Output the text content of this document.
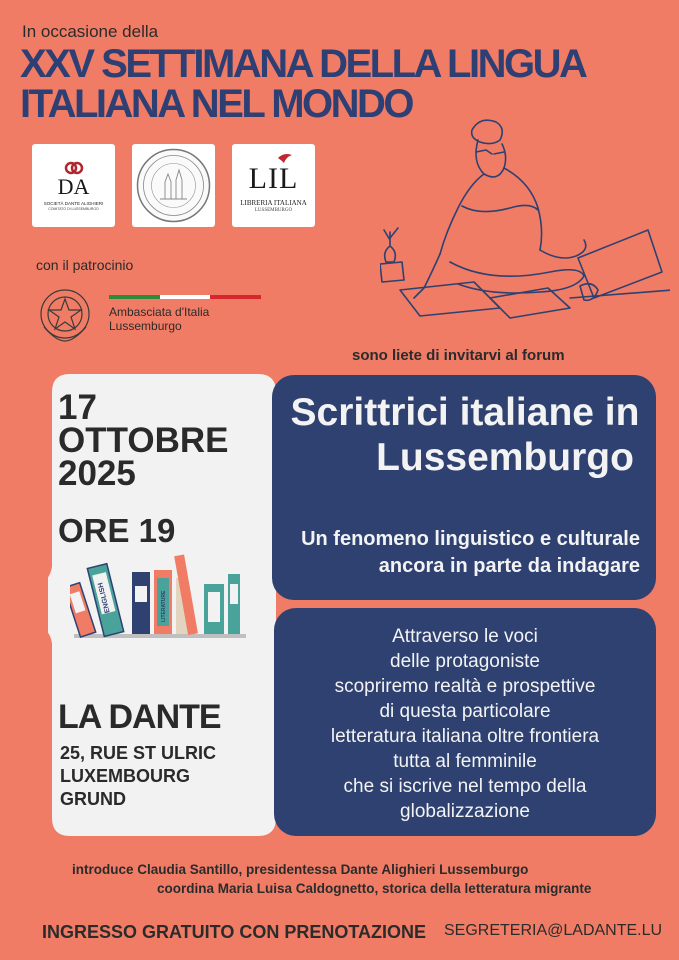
In occasione della
XXV SETTIMANA DELLA LINGUA
ITALIANA NEL MONDO
DA
SOCIETÀ DANTE ALIGHIERI
COMITATO DI LUSSEMBURGO
LIL
LIBRERIA ITALIANA
LUSSEMBURGO
con il patrocinio
Ambasciata d'Italia
Lussemburgo
sono liete di invitarvi al forum
17
OTTOBRE
2025
ORE 19
ENGLISH	LITERATURE
LA DANTE
25, RUE ST ULRIC
LUXEMBOURG
GRUND
Scrittrici italiane in
Lussemburgo
Un fenomeno linguistico e culturale
ancora in parte da indagare
Attraverso le voci
delle protagoniste
scopriremo realtà e prospettive
di questa particolare
letteratura italiana oltre frontiera
tutta al femminile
che si iscrive nel tempo della
globalizzazione
introduce Claudia Santillo, presidentessa Dante Alighieri Lussemburgo
coordina Maria Luisa Caldognetto, storica della letteratura migrante
INGRESSO GRATUITO CON PRENOTAZIONE SEGRETERIA@LADANTE.LU
